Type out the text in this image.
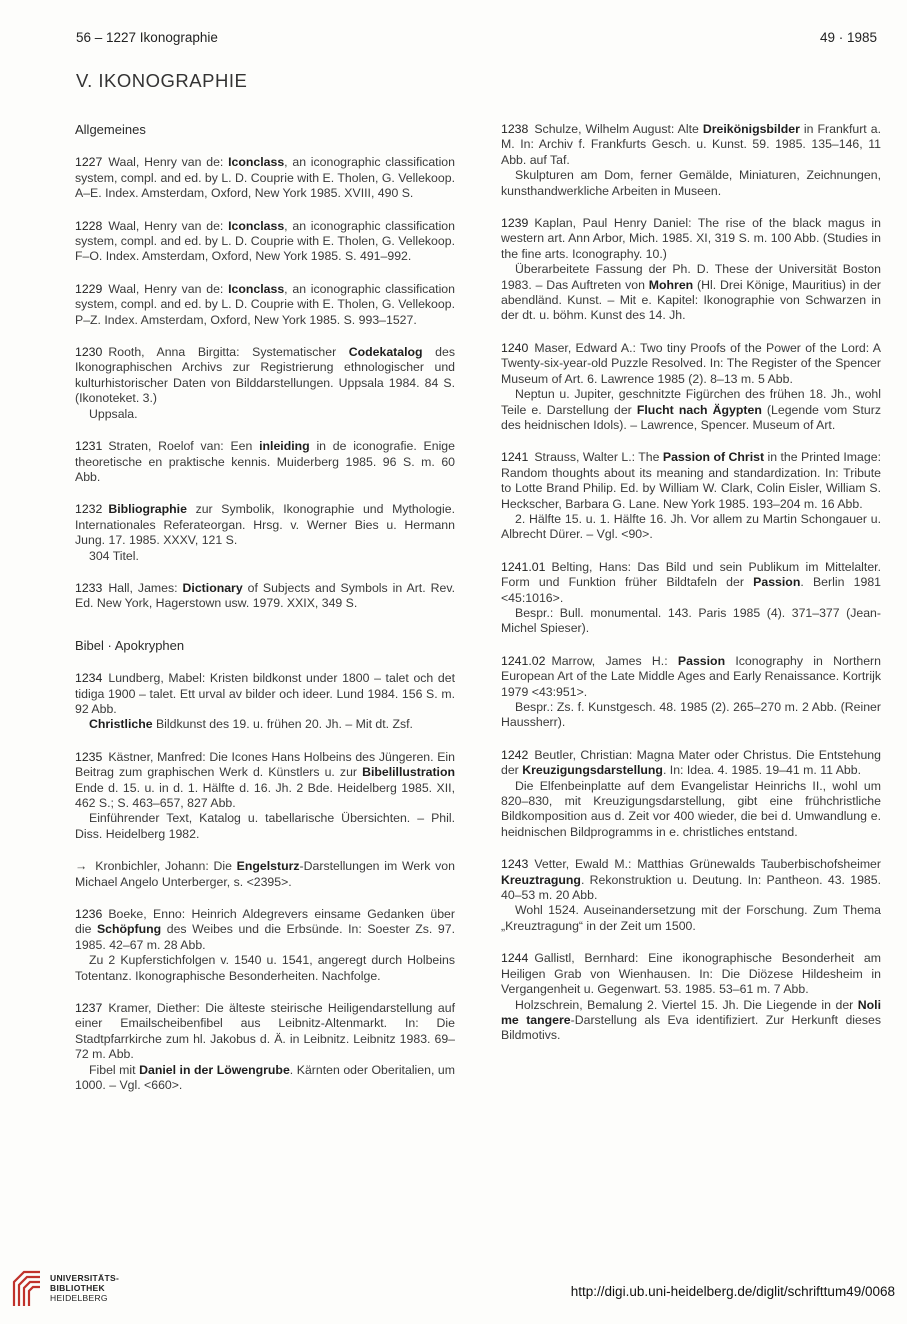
56 – 1227 Ikonographie	49 · 1985
V. IKONOGRAPHIE
Allgemeines

1227 Waal, Henry van de: Iconclass, an iconographic classification system, compl. and ed. by L. D. Couprie with E. Tholen, G. Vellekoop. A–E. Index. Amsterdam, Oxford, New York 1985. XVIII, 490 S.

1228 Waal, Henry van de: Iconclass, an iconographic classification system, compl. and ed. by L. D. Couprie with E. Tholen, G. Vellekoop. F–O. Index. Amsterdam, Oxford, New York 1985. S. 491–992.

1229 Waal, Henry van de: Iconclass, an iconographic classification system, compl. and ed. by L. D. Couprie with E. Tholen, G. Vellekoop. P–Z. Index. Amsterdam, Oxford, New York 1985. S. 993–1527.

1230 Rooth, Anna Birgitta: Systematischer Codekatalog des Ikonographischen Archivs zur Registrierung ethnologischer und kulturhistorischer Daten von Bilddarstellungen. Uppsala 1984. 84 S. (Ikonoteket. 3.)

Uppsala.

1231 Straten, Roelof van: Een inleiding in de iconografie. Enige theoretische en praktische kennis. Muiderberg 1985. 96 S. m. 60 Abb.

1232 Bibliographie zur Symbolik, Ikonographie und Mythologie. Internationales Referateorgan. Hrsg. v. Werner Bies u. Hermann Jung. 17. 1985. XXXV, 121 S.

304 Titel.

1233 Hall, James: Dictionary of Subjects and Symbols in Art. Rev. Ed. New York, Hagerstown usw. 1979. XXIX, 349 S.

Bibel · Apokryphen

1234 Lundberg, Mabel: Kristen bildkonst under 1800 – talet och det tidiga 1900 – talet. Ett urval av bilder och ideer. Lund 1984. 156 S. m. 92 Abb.

Christliche Bildkunst des 19. u. frühen 20. Jh. – Mit dt. Zsf.

1235 Kästner, Manfred: Die Icones Hans Holbeins des Jüngeren. Ein Beitrag zum graphischen Werk d. Künstlers u. zur Bibelillustration Ende d. 15. u. in d. 1. Hälfte d. 16. Jh. 2 Bde. Heidelberg 1985. XII, 462 S.; S. 463–657, 827 Abb.

Einführender Text, Katalog u. tabellarische Übersichten. – Phil. Diss. Heidelberg 1982.

→ Kronbichler, Johann: Die Engelsturz-Darstellungen im Werk von Michael Angelo Unterberger, s. <2395>.

1236 Boeke, Enno: Heinrich Aldegrevers einsame Gedanken über die Schöpfung des Weibes und die Erbsünde. In: Soester Zs. 97. 1985. 42–67 m. 28 Abb.

Zu 2 Kupferstichfolgen v. 1540 u. 1541, angeregt durch Holbeins Totentanz. Ikonographische Besonderheiten. Nachfolge.

1237 Kramer, Diether: Die älteste steirische Heiligendarstellung auf einer Emailscheibenfibel aus Leibnitz-Altenmarkt. In: Die Stadtpfarrkirche zum hl. Jakobus d. Ä. in Leibnitz. Leibnitz 1983. 69–72 m. Abb.

Fibel mit Daniel in der Löwengrube. Kärnten oder Oberitalien, um 1000. – Vgl. <660>.

1238 Schulze, Wilhelm August: Alte Dreikönigsbilder in Frankfurt a. M. In: Archiv f. Frankfurts Gesch. u. Kunst. 59. 1985. 135–146, 11 Abb. auf Taf.

Skulpturen am Dom, ferner Gemälde, Miniaturen, Zeichnungen, kunsthandwerkliche Arbeiten in Museen.

1239 Kaplan, Paul Henry Daniel: The rise of the black magus in western art. Ann Arbor, Mich. 1985. XI, 319 S. m. 100 Abb. (Studies in the fine arts. Iconography. 10.)

Überarbeitete Fassung der Ph. D. These der Universität Boston 1983. – Das Auftreten von Mohren (Hl. Drei Könige, Mauritius) in der abendländ. Kunst. – Mit e. Kapitel: Ikonographie von Schwarzen in der dt. u. böhm. Kunst des 14. Jh.

1240 Maser, Edward A.: Two tiny Proofs of the Power of the Lord: A Twenty-six-year-old Puzzle Resolved. In: The Register of the Spencer Museum of Art. 6. Lawrence 1985 (2). 8–13 m. 5 Abb.

Neptun u. Jupiter, geschnitzte Figürchen des frühen 18. Jh., wohl Teile e. Darstellung der Flucht nach Ägypten (Legende vom Sturz des heidnischen Idols). – Lawrence, Spencer. Museum of Art.

1241 Strauss, Walter L.: The Passion of Christ in the Printed Image: Random thoughts about its meaning and standardization. In: Tribute to Lotte Brand Philip. Ed. by William W. Clark, Colin Eisler, William S. Heckscher, Barbara G. Lane. New York 1985. 193–204 m. 16 Abb.

2. Hälfte 15. u. 1. Hälfte 16. Jh. Vor allem zu Martin Schongauer u. Albrecht Dürer. – Vgl. <90>.

1241.01 Belting, Hans: Das Bild und sein Publikum im Mittelalter. Form und Funktion früher Bildtafeln der Passion. Berlin 1981 <45:1016>.

Bespr.: Bull. monumental. 143. Paris 1985 (4). 371–377 (Jean-Michel Spieser).

1241.02 Marrow, James H.: Passion Iconography in Northern European Art of the Late Middle Ages and Early Renaissance. Kortrijk 1979 <43:951>.

Bespr.: Zs. f. Kunstgesch. 48. 1985 (2). 265–270 m. 2 Abb. (Reiner Haussherr).

1242 Beutler, Christian: Magna Mater oder Christus. Die Entstehung der Kreuzigungsdarstellung. In: Idea. 4. 1985. 19–41 m. 11 Abb.

Die Elfenbeinplatte auf dem Evangelistar Heinrichs II., wohl um 820–830, mit Kreuzigungsdarstellung, gibt eine frühchristliche Bildkomposition aus d. Zeit vor 400 wieder, die bei d. Umwandlung e. heidnischen Bildprogramms in e. christliches entstand.

1243 Vetter, Ewald M.: Matthias Grünewalds Tauberbischofsheimer Kreuztragung. Rekonstruktion u. Deutung. In: Pantheon. 43. 1985. 40–53 m. 20 Abb.

Wohl 1524. Auseinandersetzung mit der Forschung. Zum Thema „Kreuztragung“ in der Zeit um 1500.

1244 Gallistl, Bernhard: Eine ikonographische Besonderheit am Heiligen Grab von Wienhausen. In: Die Diözese Hildesheim in Vergangenheit u. Gegenwart. 53. 1985. 53–61 m. 7 Abb.

Holzschrein, Bemalung 2. Viertel 15. Jh. Die Liegende in der Noli me tangere-Darstellung als Eva identifiziert. Zur Herkunft dieses Bildmotivs.

UNIVERSITÄTS-
BIBLIOTHEK
HEIDELBERG	http://digi.ub.uni-heidelberg.de/diglit/schrifttum49/0068
